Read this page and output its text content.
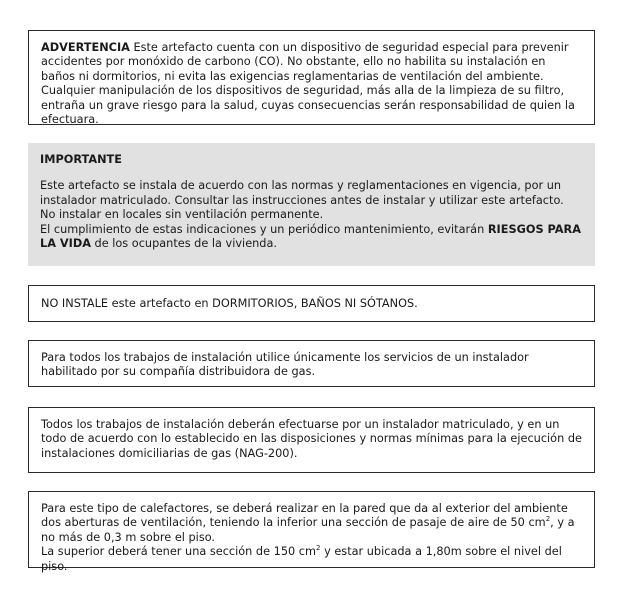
ADVERTENCIA Este artefacto cuenta con un dispositivo de seguridad especial para prevenir accidentes por monóxido de carbono (CO). No obstante, ello no habilita su instalación en baños ni dormitorios, ni evita las exigencias reglamentarias de ventilación del ambiente.

Cualquier manipulación de los dispositivos de seguridad, más alla de la limpieza de su filtro, entraña un grave riesgo para la salud, cuyas consecuencias serán responsabilidad de quien la efectuara.

IMPORTANTE

Este artefacto se instala de acuerdo con las normas y reglamentaciones en vigencia, por un instalador matriculado. Consultar las instrucciones antes de instalar y utilizar este artefacto.

No instalar en locales sin ventilación permanente.

El cumplimiento de estas indicaciones y un periódico mantenimiento, evitarán RIESGOS PARA LA VIDA de los ocupantes de la vivienda.

NO INSTALE este artefacto en DORMITORIOS, BAÑOS NI SÓTANOS.

Para todos los trabajos de instalación utilice únicamente los servicios de un instalador habilitado por su compañía distribuidora de gas.

Todos los trabajos de instalación deberán efectuarse por un instalador matriculado, y en un todo de acuerdo con lo establecido en las disposiciones y normas mínimas para la ejecución de instalaciones domiciliarias de gas (NAG-200).

Para este tipo de calefactores, se deberá realizar en la pared que da al exterior del ambiente dos aberturas de ventilación, teniendo la inferior una sección de pasaje de aire de 50 $cm^2$, y a no más de 0,3 m sobre el piso.

La superior deberá tener una sección de 150 $cm^2$ y estar ubicada a 1,80m sobre el nivel del piso.
